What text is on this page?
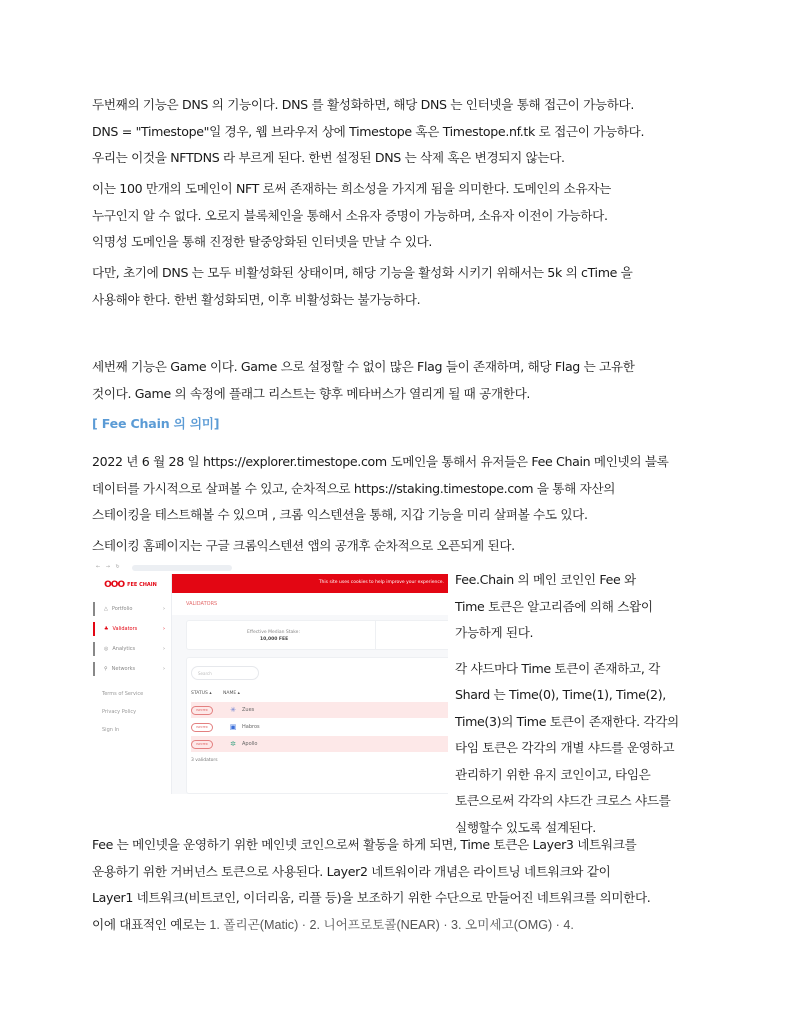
두번째의 기능은 DNS 의 기능이다. DNS 를 활성화하면, 해당 DNS 는 인터넷을 통해 접근이 가능하다.
DNS = "Timestope"일 경우, 웹 브라우저 상에 Timestope 혹은 Timestope.nf.tk 로 접근이 가능하다.
우리는 이것을 NFTDNS 라 부르게 된다. 한번 설정된 DNS 는 삭제 혹은 변경되지 않는다.
이는 100 만개의 도메인이 NFT 로써 존재하는 희소성을 가지게 됨을 의미한다. 도메인의 소유자는
누구인지 알 수 없다. 오로지 블록체인을 통해서 소유자 증명이 가능하며, 소유자 이전이 가능하다.
익명성 도메인을 통해 진정한 탈중앙화된 인터넷을 만날 수 있다.
다만, 초기에 DNS 는 모두 비활성화된 상태이며, 해당 기능을 활성화 시키기 위해서는 5k 의 cTime 을
사용해야 한다. 한번 활성화되면, 이후 비활성화는 불가능하다.
세번째 기능은 Game 이다. Game 으로 설정할 수 없이 많은 Flag 들이 존재하며, 해당 Flag 는 고유한
것이다. Game 의 속정에 플래그 리스트는 향후 메타버스가 열리게 될 때 공개한다.
[ Fee Chain 의 의미]
2022 년 6 월 28 일 https://explorer.timestope.com 도메인을 통해서 유저들은 Fee Chain 메인넷의 블록
데이터를 가시적으로 살펴볼 수 있고, 순차적으로 https://staking.timestope.com 을 통해 자산의
스테이킹을 테스트해볼 수 있으며 , 크롬 익스텐션을 통해, 지갑 기능을 미리 살펴볼 수도 있다.
스테이킹 홈페이지는 구글 크롬익스텐션 앱의 공개후 순차적으로 오픈되게 된다.
← → ↻
OOO FEE CHAIN
△ Portfolio	›
♣ Validators	›
◎ Analytics	›
⚲ Networks	›
Terms of Service
Privacy Policy
Sign In
This site uses cookies to help improve your experience.
VALIDATORS
Effective Median Stake:
10,000 FEE
Search
STATUS ▴	NAME ▴
ELECTED	✳ Zues
ELECTED	▣ Habros
ELECTED	✲ Apollo
3 validators
Fee.Chain 의 메인 코인인 Fee 와
Time 토큰은 알고리즘에 의해 스왑이
가능하게 된다.
각 샤드마다 Time 토큰이 존재하고, 각
Shard 는 Time(0), Time(1), Time(2),
Time(3)의 Time 토큰이 존재한다. 각각의
타임 토큰은 각각의 개별 샤드를 운영하고
관리하기 위한 유지 코인이고, 타임은
토큰으로써 각각의 샤드간 크로스 샤드를
실행할수 있도록 설계된다.
Fee 는 메인넷을 운영하기 위한 메인넷 코인으로써 활동을 하게 되면, Time 토큰은 Layer3 네트워크를
운용하기 위한 거버넌스 토큰으로 사용된다. Layer2 네트워이라 개념은 라이트닝 네트워크와 같이
Layer1 네트워크(비트코인, 이더리움, 리플 등)을 보조하기 위한 수단으로 만들어진 네트워크를 의미한다.
이에 대표적인 예로는 1. 폴리곤(Matic) · 2. 니어프로토콜(NEAR) · 3. 오미세고(OMG) · 4.
